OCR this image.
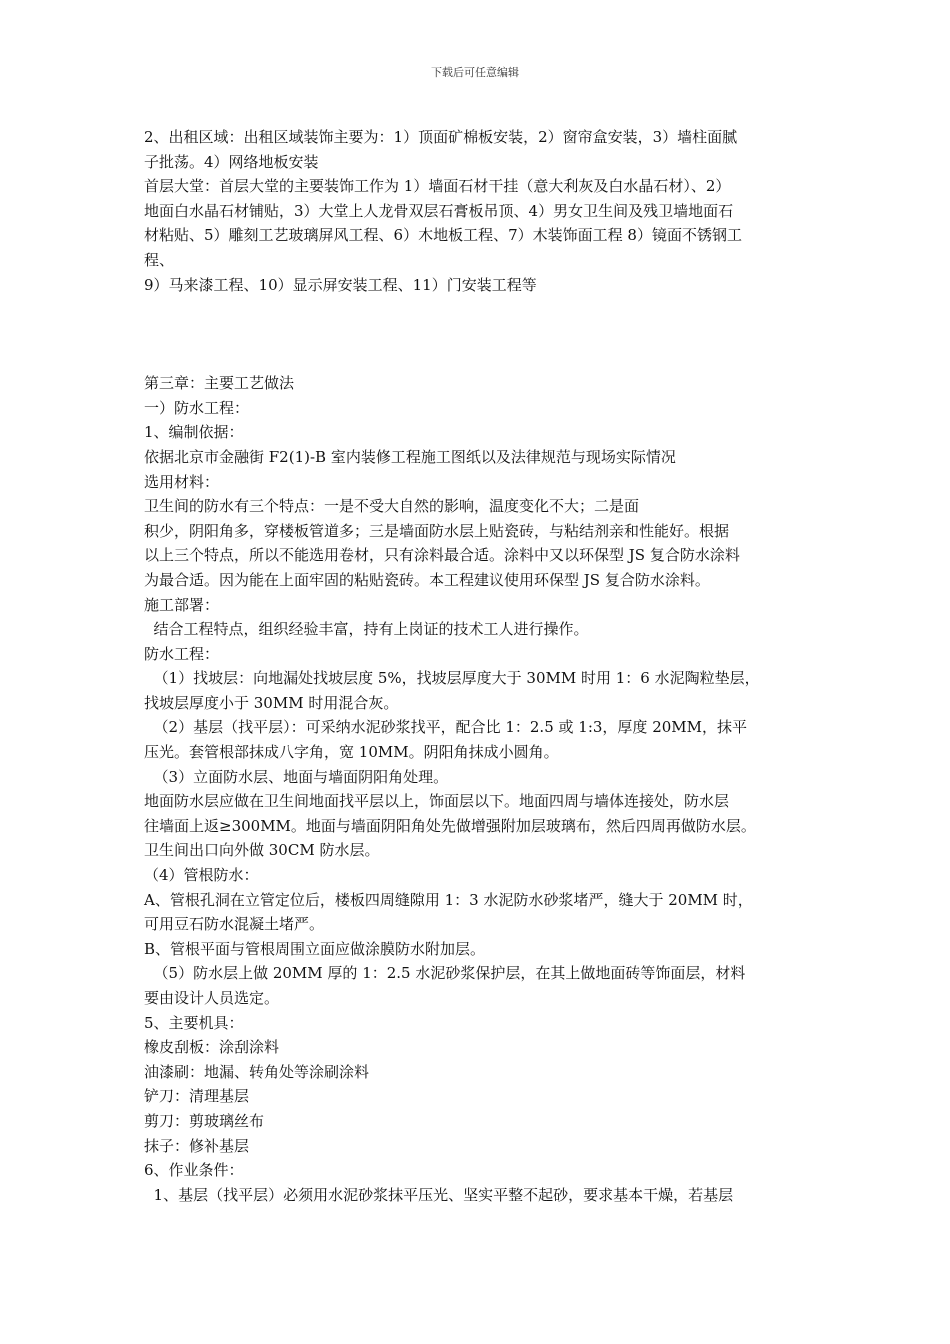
下载后可任意编辑

2、出租区域：出租区域装饰主要为：1）顶面矿棉板安装，2）窗帘盒安装，3）墙柱面腻

子批荡。4）网络地板安装

首层大堂：首层大堂的主要装饰工作为 1）墙面石材干挂（意大利灰及白水晶石材）、2）

地面白水晶石材铺贴，3）大堂上人龙骨双层石膏板吊顶、4）男女卫生间及残卫墙地面石

材粘贴、5）雕刻工艺玻璃屏风工程、6）木地板工程、7）木装饰面工程 8）镜面不锈钢工

程、

9）马来漆工程、10）显示屏安装工程、11）门安装工程等

第三章：主要工艺做法

一）防水工程：

1、编制依据：

依据北京市金融街 F2(1)-B 室内装修工程施工图纸以及法律规范与现场实际情况

选用材料：

卫生间的防水有三个特点：一是不受大自然的影响，温度变化不大；二是面

积少，阴阳角多，穿楼板管道多；三是墙面防水层上贴瓷砖，与粘结剂亲和性能好。根据

以上三个特点，所以不能选用卷材，只有涂料最合适。涂料中又以环保型 JS 复合防水涂料

为最合适。因为能在上面牢固的粘贴瓷砖。本工程建议使用环保型 JS 复合防水涂料。

施工部署：

结合工程特点，组织经验丰富，持有上岗证的技术工人进行操作。

防水工程：

（1）找坡层：向地漏处找坡层度 5%，找坡层厚度大于 30MM 时用 1：6 水泥陶粒垫层，

找坡层厚度小于 30MM 时用混合灰。

（2）基层（找平层）：可采纳水泥砂浆找平，配合比 1：2.5 或 1:3，厚度 20MM，抹平

压光。套管根部抹成八字角，宽 10MM。阴阳角抹成小圆角。

（3）立面防水层、地面与墙面阴阳角处理。

地面防水层应做在卫生间地面找平层以上，饰面层以下。地面四周与墙体连接处，防水层

往墙面上返≥300MM。地面与墙面阴阳角处先做增强附加层玻璃布，然后四周再做防水层。

卫生间出口向外做 30CM 防水层。

（4）管根防水：

A、管根孔洞在立管定位后，楼板四周缝隙用 1：3 水泥防水砂浆堵严，缝大于 20MM 时，

可用豆石防水混凝土堵严。

B、管根平面与管根周围立面应做涂膜防水附加层。

（5）防水层上做 20MM 厚的 1：2.5 水泥砂浆保护层，在其上做地面砖等饰面层，材料

要由设计人员选定。

5、主要机具：

橡皮刮板：涂刮涂料

油漆刷：地漏、转角处等涂刷涂料

铲刀：清理基层

剪刀：剪玻璃丝布

抹子：修补基层

6、作业条件：

1、基层（找平层）必须用水泥砂浆抹平压光、坚实平整不起砂，要求基本干燥，若基层
